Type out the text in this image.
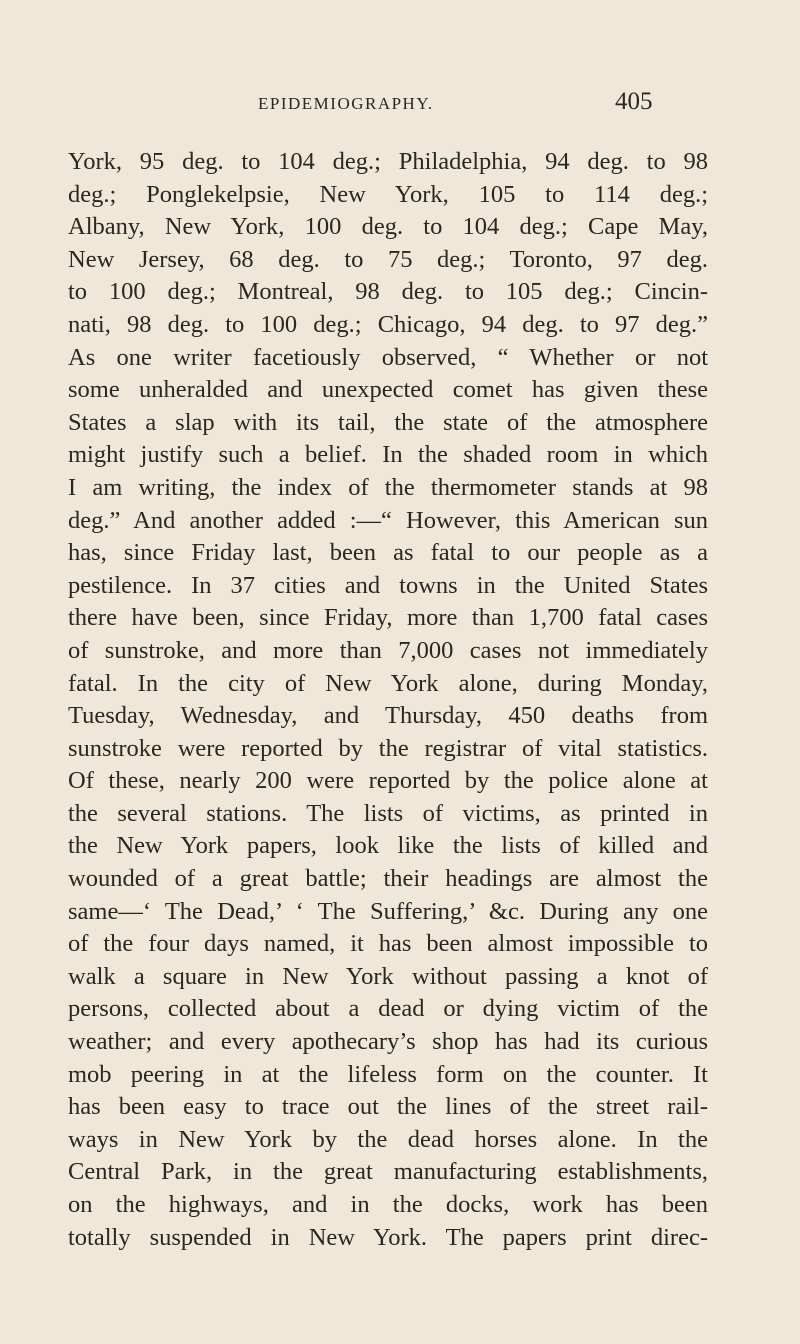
EPIDEMIOGRAPHY.	405
York, 95 deg. to 104 deg.; Philadelphia, 94 deg. to 98
deg.; Ponglekelpsie, New York, 105 to 114 deg.;
Albany, New York, 100 deg. to 104 deg.; Cape May,
New Jersey, 68 deg. to 75 deg.; Toronto, 97 deg.
to 100 deg.; Montreal, 98 deg. to 105 deg.; Cincin-
nati, 98 deg. to 100 deg.; Chicago, 94 deg. to 97 deg.”
As one writer facetiously observed, “ Whether or not
some unheralded and unexpected comet has given these
States a slap with its tail, the state of the atmosphere
might justify such a belief. In the shaded room in which
I am writing, the index of the thermometer stands at 98
deg.” And another added :—“ However, this American sun
has, since Friday last, been as fatal to our people as a
pestilence. In 37 cities and towns in the United States
there have been, since Friday, more than 1,700 fatal cases
of sunstroke, and more than 7,000 cases not immediately
fatal. In the city of New York alone, during Monday,
Tuesday, Wednesday, and Thursday, 450 deaths from
sunstroke were reported by the registrar of vital statistics.
Of these, nearly 200 were reported by the police alone at
the several stations. The lists of victims, as printed in
the New York papers, look like the lists of killed and
wounded of a great battle; their headings are almost the
same—‘ The Dead,’ ‘ The Suffering,’ &c. During any one
of the four days named, it has been almost impossible to
walk a square in New York without passing a knot of
persons, collected about a dead or dying victim of the
weather; and every apothecary’s shop has had its curious
mob peering in at the lifeless form on the counter. It
has been easy to trace out the lines of the street rail-
ways in New York by the dead horses alone. In the
Central Park, in the great manufacturing establishments,
on the highways, and in the docks, work has been
totally suspended in New York. The papers print direc-
